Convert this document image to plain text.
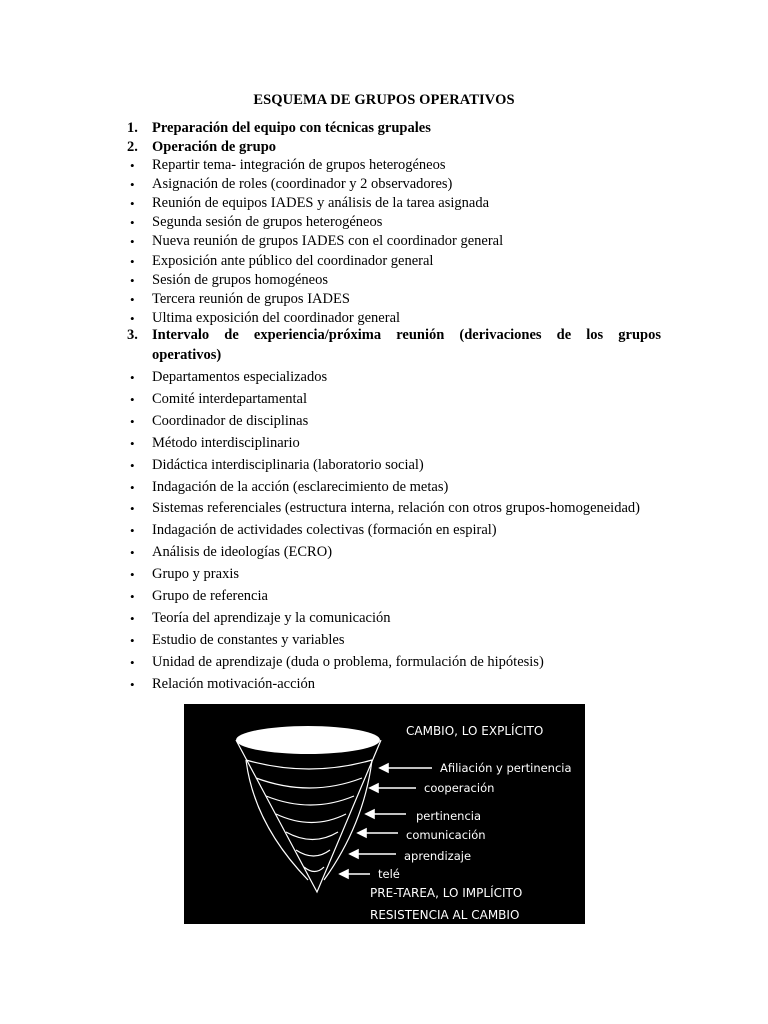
ESQUEMA DE GRUPOS OPERATIVOS
1. Preparación del equipo con técnicas grupales
2. Operación de grupo
• Repartir tema- integración de grupos heterogéneos
• Asignación de roles (coordinador y 2 observadores)
• Reunión de equipos IADES y análisis de la tarea asignada
• Segunda sesión de grupos heterogéneos
• Nueva reunión de grupos IADES con el coordinador general
• Exposición ante público del coordinador general
• Sesión de grupos homogéneos
• Tercera reunión de grupos IADES
• Ultima exposición del coordinador general
3. Intervalo de experiencia/próxima reunión (derivaciones de los grupos
operativos)
• Departamentos especializados
• Comité interdepartamental
• Coordinador de disciplinas
• Método interdisciplinario
• Didáctica interdisciplinaria (laboratorio social)
• Indagación de la acción (esclarecimiento de metas)
• Sistemas referenciales (estructura interna, relación con otros grupos-homogeneidad)
• Indagación de actividades colectivas (formación en espiral)
• Análisis de ideologías (ECRO)
• Grupo y praxis
• Grupo de referencia
• Teoría del aprendizaje y la comunicación
• Estudio de constantes y variables
• Unidad de aprendizaje (duda o problema, formulación de hipótesis)
• Relación motivación-acción
CAMBIO, LO EXPLÍCITO
Afiliación y pertinencia
cooperación
pertinencia
comunicación
aprendizaje
telé
PRE-TAREA, LO IMPLÍCITO
RESISTENCIA AL CAMBIO
